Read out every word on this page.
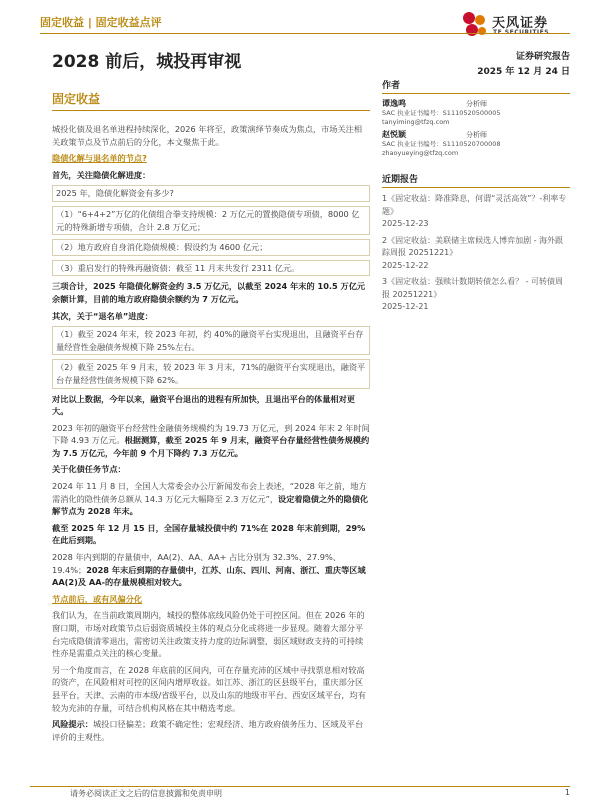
固定收益 | 固定收益点评	天风证券
2028 前后，城投再审视	证券研究报告
2025 年 12 月 24 日
固定收益

城投化债及退名单进程持续深化，2026 年将至，政策演绎节奏成为焦点，市场关注相关政策节点及节点前后的分化，本文聚焦于此。

隐债化解与退名单的节点?

首先，关注隐债化解进度：

2025 年，隐债化解资金有多少?

（1）“6+4+2”万亿的化债组合拳支持规模：2 万亿元的置换隐债专项债，8000 亿元的特殊新增专项债，合计 2.8 万亿元；

（2）地方政府自身消化隐债规模：假设约为 4600 亿元；

（3）重启发行的特殊再融资债：截至 11 月末共发行 2311 亿元。

三项合计，2025 年隐债化解资金约 3.5 万亿元，以截至 2024 年末的 10.5 万亿元余额计算，目前的地方政府隐债余额约为 7 万亿元。

其次，关于“退名单”进度：

（1）截至 2024 年末，较 2023 年初，约 40%的融资平台实现退出，且融资平台存量经营性金融债务规模下降 25%左右。

（2）截至 2025 年 9 月末，较 2023 年 3 月末，71%的融资平台实现退出，融资平台存量经营性债务规模下降 62%。

对比以上数据，今年以来，融资平台退出的进程有所加快，且退出平台的体量相对更大。

2023 年初的融资平台经营性金融债务规模约为 19.73 万亿元，到 2024 年末 2 年时间下降 4.93 万亿元。根据测算，截至 2025 年 9 月末，融资平台存量经营性债务规模约为 7.5 万亿元，今年前 9 个月下降约 7.3 万亿元。

关于化债任务节点：

2024 年 11 月 8 日，全国人大常委会办公厅新闻发布会上表述，“2028 年之前，地方需消化的隐性债务总额从 14.3 万亿元大幅降至 2.3 万亿元”，设定着隐债之外的隐债化解节点为 2028 年末。

截至 2025 年 12 月 15 日，全国存量城投债中约 71%在 2028 年末前到期，29%在此后到期。

2028 年内到期的存量债中，AA(2)、AA、AA+ 占比分别为 32.3%、27.9%、19.4%；2028 年末后到期的存量债中，江苏、山东、四川、河南、浙江、重庆等区域 AA(2)及 AA-的存量规模相对较大。

节点前后，或有风偏分化

我们认为，在当前政策周期内，城投的整体底线风险仍处于可控区间。但在 2026 年的窗口期，市场对政策节点后弱资质城投主体的观点分化或将进一步显现。随着大部分平台完成隐债清零退出，需密切关注政策支持力度的边际调整，弱区域财政支持的可持续性亦是需重点关注的核心变量。

另一个角度而言，在 2028 年底前的区间内，可在存量充沛的区域中寻找票息相对较高的资产，在风险相对可控的区间内增厚收益。如江苏、浙江的区县级平台，重庆部分区县平台，天津、云南的市本级/省级平台，以及山东的地级市平台、西安区域平台，均有较为充沛的存量，可结合机构风格在其中精选考虑。

风险提示：城投口径偏差；政策不确定性；宏观经济、地方政府债务压力、区域及平台评价的主观性。

作者
谭逸鸣	分析师
SAC 执业证书编号：S1110520500005
tanyiming@tfzq.com
赵悦颖	分析师
SAC 执业证书编号：S1110520700008
zhaoyueying@tfzq.com
近期报告
1《固定收益：降准降息，何谓“灵活高效”？-利率专题》
2025-12-23
2《固定收益：美联储主席候选人博弈加剧 - 海外跟踪周报 20251221》
2025-12-22
3《固定收益：强赎计数期转债怎么看？ - 可转债周报 20251221》
2025-12-21
请务必阅读正文之后的信息披露和免责申明	1
